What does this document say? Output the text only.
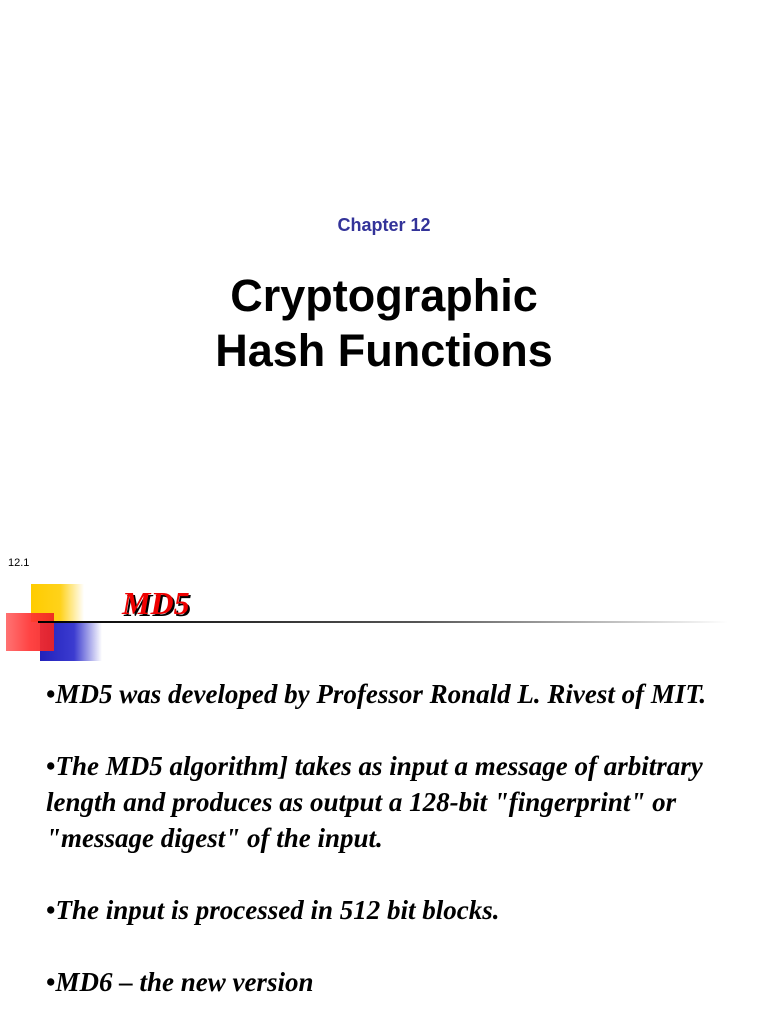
Chapter 12
Cryptographic
Hash Functions
12.1
MD5
•MD5 was developed by Professor Ronald L. Rivest of MIT.
•The MD5 algorithm] takes as input a message of arbitrary length and produces as output a 128-bit "fingerprint" or "message digest" of the input.
•The input is processed in 512 bit blocks.
•MD6 – the new version
